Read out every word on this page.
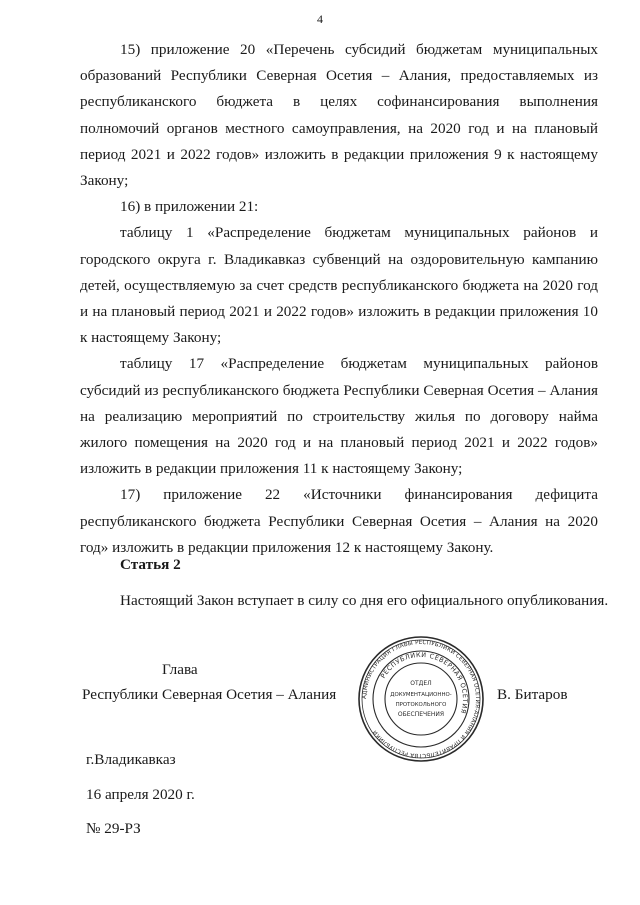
4

15) приложение 20 «Перечень субсидий бюджетам муниципальных образований Республики Северная Осетия – Алания, предоставляемых из республиканского бюджета в целях софинансирования выполнения полномочий органов местного самоуправления, на 2020 год и на плановый период 2021 и 2022 годов» изложить в редакции приложения 9 к настоящему Закону;

16) в приложении 21:

таблицу 1 «Распределение бюджетам муниципальных районов и городского округа г. Владикавказ субвенций на оздоровительную кампанию детей, осуществляемую за счет средств республиканского бюджета на 2020 год и на плановый период 2021 и 2022 годов» изложить в редакции приложения 10 к настоящему Закону;

таблицу 17 «Распределение бюджетам муниципальных районов субсидий из республиканского бюджета Республики Северная Осетия – Алания на реализацию мероприятий по строительству жилья по договору найма жилого помещения на 2020 год и на плановый период 2021 и 2022 годов» изложить в редакции приложения 11 к настоящему Закону;

17) приложение 22 «Источники финансирования дефицита республиканского бюджета Республики Северная Осетия – Алания на 2020 год» изложить в редакции приложения 12 к настоящему Закону.

Статья 2

Настоящий Закон вступает в силу со дня его официального опубликования.

Глава

Республики Северная Осетия – Алания	В. Битаров

АДМИНИСТРАЦИЯ ГЛАВЫ РЕСПУБЛИКИ СЕВЕРНАЯ ОСЕТИЯ-АЛАНИЯ И ПРАВИТЕЛЬСТВА РЕСПУБЛИКИ
РЕСПУБЛИКИ СЕВЕРНАЯ ОСЕТИЯ
ОТДЕЛ
ДОКУМЕНТАЦИОННО-
ПРОТОКОЛЬНОГО
ОБЕСПЕЧЕНИЯ

г.Владикавказ

16 апреля 2020 г.

№ 29-РЗ
